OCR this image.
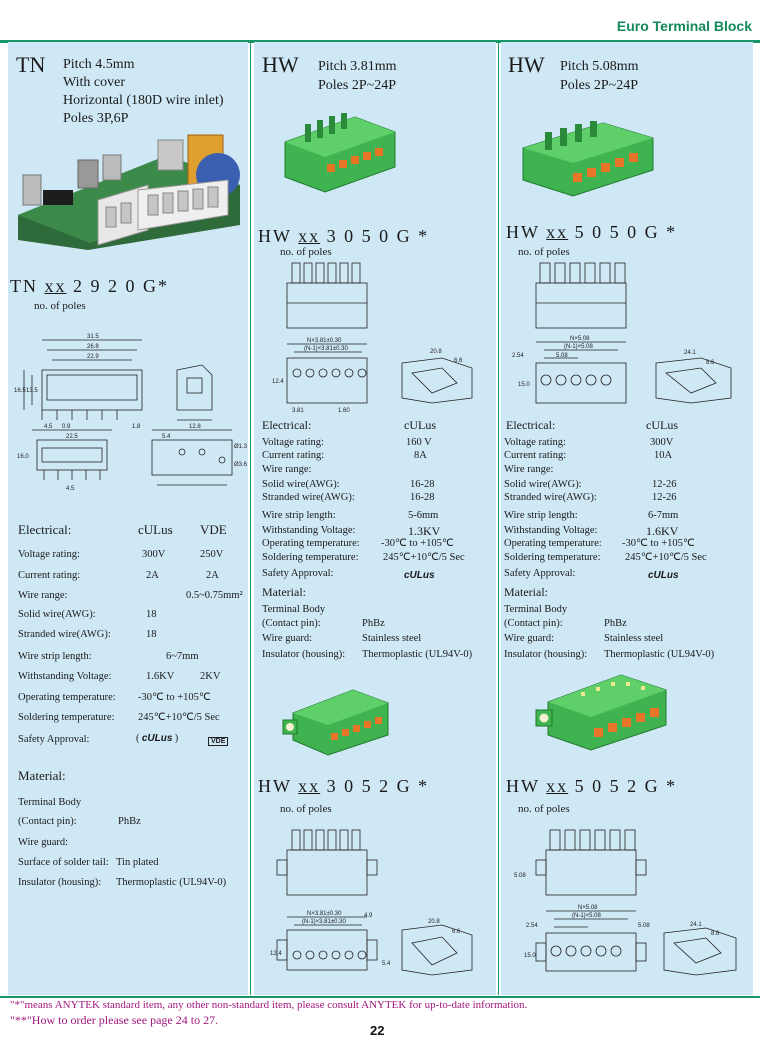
Euro Terminal Block
TN Pitch 4.5mm
With cover
Horizontal (180D wire inlet)
Poles 3P,6P
TN xx 2 9 2 0 G*
no. of poles
31.5
26.8
22.9
16.5 13.5
4.5 0.9	1.8	12.8
22.5
16.0
5.4
Ø1.3
Ø3.6
4.5
Electrical:	cULus VDE
Voltage rating:	300V	250V
Current rating:	2A	2A
Wire range:	0.5~0.75mm²
Solid wire(AWG):	18
Stranded wire(AWG):	18
Wire strip length:	6~7mm
Withstanding Voltage:	1.6KV 2KV
Operating temperature: -30℃ to +105℃
Soldering temperature: 245℃+10℃/5 Sec
Safety Approval:	( cULus )	VDE
Material:
Terminal Body
(Contact pin):	PhBz
Wire guard:
Surface of solder tail: Tin plated
Insulator (housing): Thermoplastic (UL94V-0)
HW Pitch 3.81mm
Poles 2P~24P
HW xx 3 0 5 0 G *
no. of poles
N×3.81±0.30
(N-1)×3.81±0.30	20.8
6.6
12.4
3.81	1.60
Electrical:	cULus
Voltage rating:	160 V
Current rating:	8A
Wire range:
Solid wire(AWG):	16-28
Stranded wire(AWG):	16-28
Wire strip length:	5-6mm
Withstanding Voltage:	1.3KV
Operating temperature: -30℃ to +105℃
Soldering temperature: 245℃+10℃/5 Sec
Safety Approval:	cULus
Material:
Terminal Body
(Contact pin):	PhBz
Wire guard:	Stainless steel
Insulator (housing): Thermoplastic (UL94V-0)
HW xx 3 0 5 2 G *
no. of poles
N×3.81±0.30
(N-1)×3.81±0.30
4.9
20.8
6.6
12.4
5.4
HW Pitch 5.08mm
Poles 2P~24P
HW xx 5 0 5 0 G *
no. of poles
N×5.08
(N-1)×5.08
5.08
2.54	24.1
8.6
15.0
Electrical:	cULus
Voltage rating:	300V
Current rating:	10A
Wire range:
Solid wire(AWG):	12-26
Stranded wire(AWG):	12-26
Wire strip length:	6-7mm
Withstanding Voltage:	1.6KV
Operating temperature: -30℃ to +105℃
Soldering temperature: 245℃+10℃/5 Sec
Safety Approval:	cULus
Material:
Terminal Body
(Contact pin):	PhBz
Wire guard:	Stainless steel
Insulator (housing): Thermoplastic (UL94V-0)
HW xx 5 0 5 2 G *
no. of poles
5.08
N×5.08
(N-1)×5.08
2.54	5.08	24.1
8.6
15.0
"*"means ANYTEK standard item, any other non-standard item, please consult ANYTEK for up-to-date information.
"**"How to order please see page 24 to 27.
22
